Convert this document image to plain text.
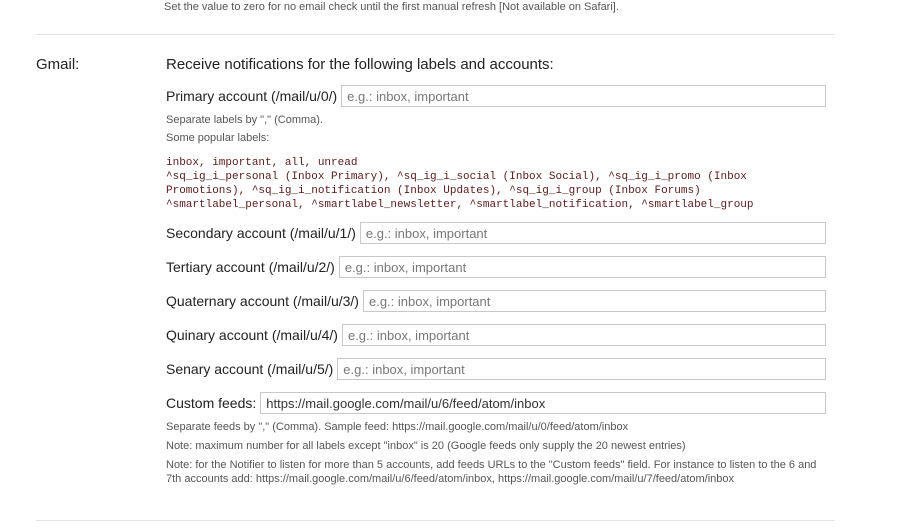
Set the value to zero for no email check until the first manual refresh [Not available on Safari].
Gmail:	Receive notifications for the following labels and accounts:
Primary account (/mail/u/0/)
e.g.: inbox, important
Separate labels by "," (Comma).
Some popular labels:
inbox, important, all, unread
^sq_ig_i_personal (Inbox Primary), ^sq_ig_i_social (Inbox Social), ^sq_ig_i_promo (Inbox
Promotions), ^sq_ig_i_notification (Inbox Updates), ^sq_ig_i_group (Inbox Forums)
^smartlabel_personal, ^smartlabel_newsletter, ^smartlabel_notification, ^smartlabel_group
Secondary account (/mail/u/1/)
e.g.: inbox, important
Tertiary account (/mail/u/2/)
e.g.: inbox, important
Quaternary account (/mail/u/3/)
e.g.: inbox, important
Quinary account (/mail/u/4/)
e.g.: inbox, important
Senary account (/mail/u/5/)
e.g.: inbox, important
Custom feeds:
https://mail.google.com/mail/u/6/feed/atom/inbox
Separate feeds by "," (Comma). Sample feed: https://mail.google.com/mail/u/0/feed/atom/inbox
Note: maximum number for all labels except "inbox" is 20 (Google feeds only supply the 20 newest entries)
Note: for the Notifier to listen for more than 5 accounts, add feeds URLs to the "Custom feeds" field. For instance to listen to the 6 and 7th accounts add: https://mail.google.com/mail/u/6/feed/atom/inbox, https://mail.google.com/mail/u/7/feed/atom/inbox
